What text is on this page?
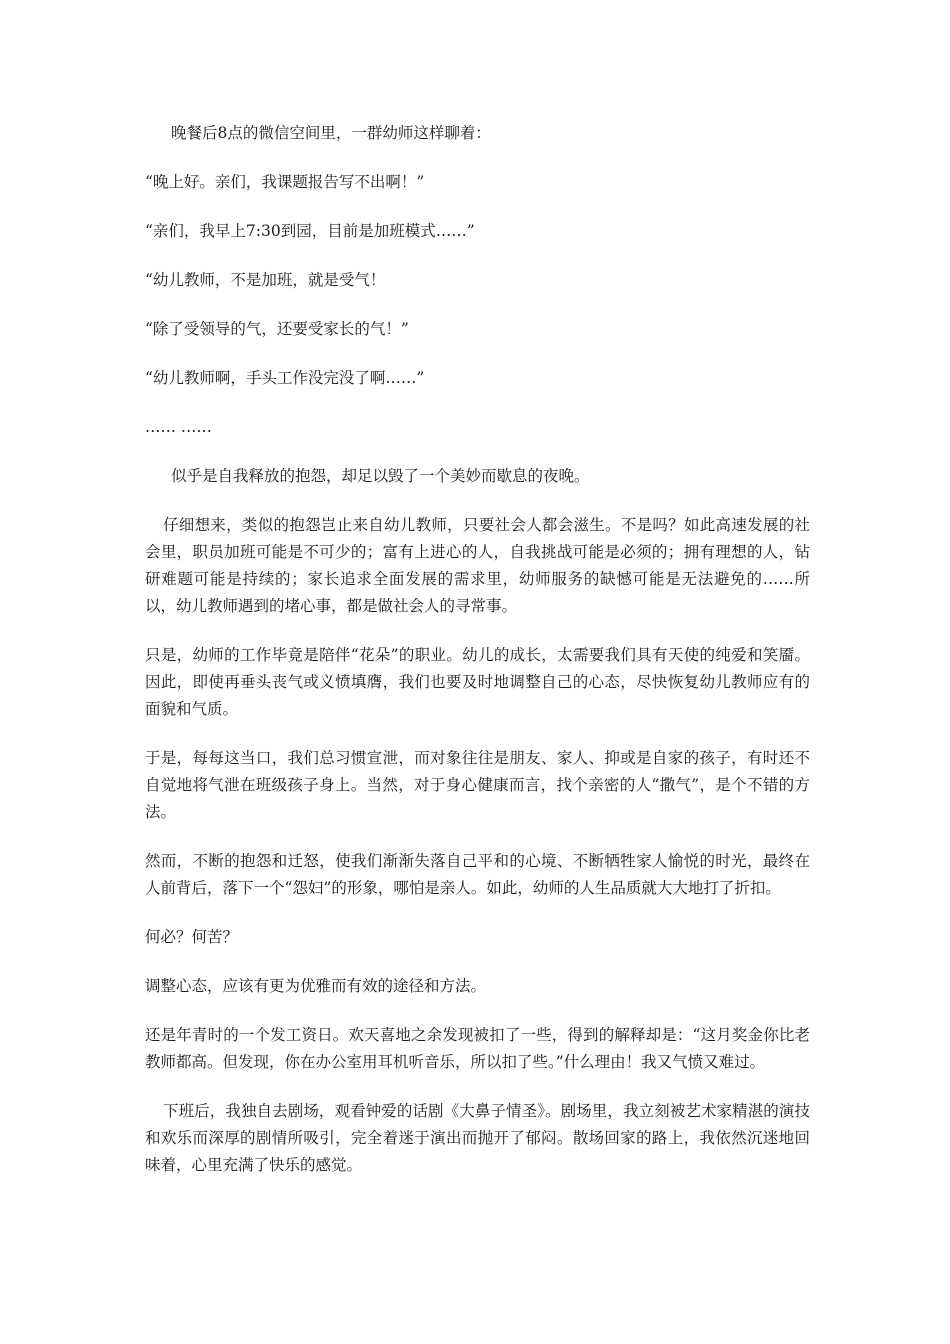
晚餐后8点的微信空间里，一群幼师这样聊着：

“晚上好。亲们，我课题报告写不出啊！”

“亲们，我早上7:30到园，目前是加班模式……”

“幼儿教师，不是加班，就是受气！

“除了受领导的气，还要受家长的气！”

“幼儿教师啊，手头工作没完没了啊……”

…… ……

似乎是自我释放的抱怨，却足以毁了一个美妙而歇息的夜晚。

仔细想来，类似的抱怨岂止来自幼儿教师，只要社会人都会滋生。不是吗？如此高速发展的社会里，职员加班可能是不可少的；富有上进心的人，自我挑战可能是必须的；拥有理想的人，钻研难题可能是持续的；家长追求全面发展的需求里，幼师服务的缺憾可能是无法避免的……所以，幼儿教师遇到的堵心事，都是做社会人的寻常事。

只是，幼师的工作毕竟是陪伴“花朵”的职业。幼儿的成长，太需要我们具有天使的纯爱和笑靥。因此，即使再垂头丧气或义愤填膺，我们也要及时地调整自己的心态，尽快恢复幼儿教师应有的面貌和气质。

于是，每每这当口，我们总习惯宣泄，而对象往往是朋友、家人、抑或是自家的孩子，有时还不自觉地将气泄在班级孩子身上。当然，对于身心健康而言，找个亲密的人“撒气”，是个不错的方法。

然而，不断的抱怨和迁怒，使我们渐渐失落自己平和的心境、不断牺牲家人愉悦的时光，最终在人前背后，落下一个“怨妇”的形象，哪怕是亲人。如此，幼师的人生品质就大大地打了折扣。

何必？何苦？

调整心态，应该有更为优雅而有效的途径和方法。

还是年青时的一个发工资日。欢天喜地之余发现被扣了一些，得到的解释却是：“这月奖金你比老教师都高。但发现，你在办公室用耳机听音乐，所以扣了些。”什么理由！我又气愤又难过。

下班后，我独自去剧场，观看钟爱的话剧《大鼻子情圣》。剧场里，我立刻被艺术家精湛的演技和欢乐而深厚的剧情所吸引，完全着迷于演出而抛开了郁闷。散场回家的路上，我依然沉迷地回味着，心里充满了快乐的感觉。
